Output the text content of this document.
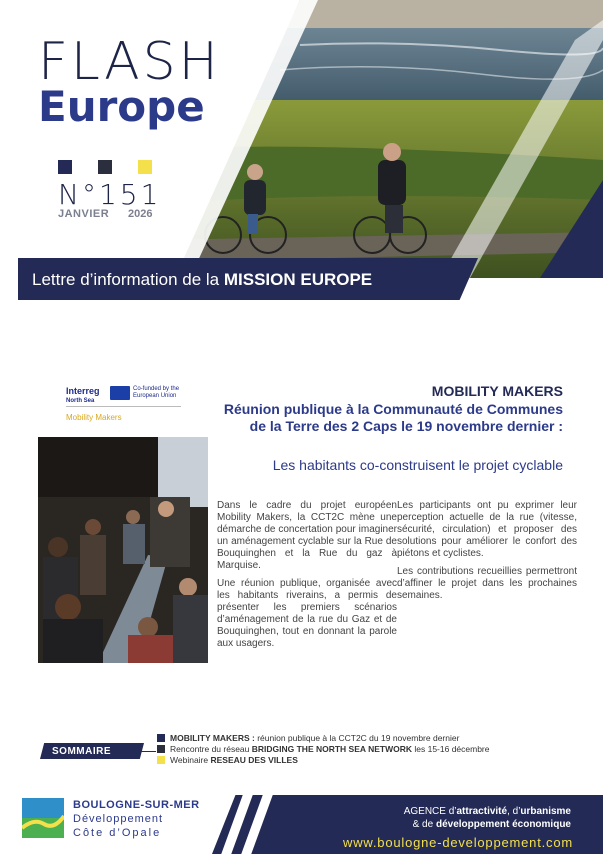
FLASH
Europe
N°151
JANVIER 2026
Lettre d’information de la MISSION EUROPE
Interreg
North Sea
Co-funded by the European Union
Mobility Makers
MOBILITY MAKERS
Réunion publique à la Communauté de Communes de la Terre des 2 Caps le 19 novembre dernier :
Les habitants co-construisent le projet cyclable

Dans le cadre du projet européen Mobility Makers, la CCT2C mène une démarche de concertation pour imaginer un aménagement cyclable sur la Rue de Bouquinghen et la Rue du gaz à Marquise.

Une réunion publique, organisée avec les habitants riverains, a permis de présenter les premiers scénarios d’aménagement de la rue du Gaz et de Bouquinghen, tout en donnant la parole aux usagers.

Les participants ont pu exprimer leur perception actuelle de la rue (vitesse, sécurité, circulation) et proposer des solutions pour améliorer le confort des piétons et cyclistes.

Les contributions recueillies permettront d’affiner le projet dans les prochaines semaines.

SOMMAIRE
MOBILITY MAKERS : réunion publique à la CCT2C du 19 novembre dernier
Rencontre du réseau BRIDGING THE NORTH SEA NETWORK les 15-16 décembre
Webinaire RESEAU DES VILLES
BOULOGNE-SUR-MER
Développement
Côte d’Opale
AGENCE d’attractivité, d’urbanisme
& de développement économique
www.boulogne-developpement.com
